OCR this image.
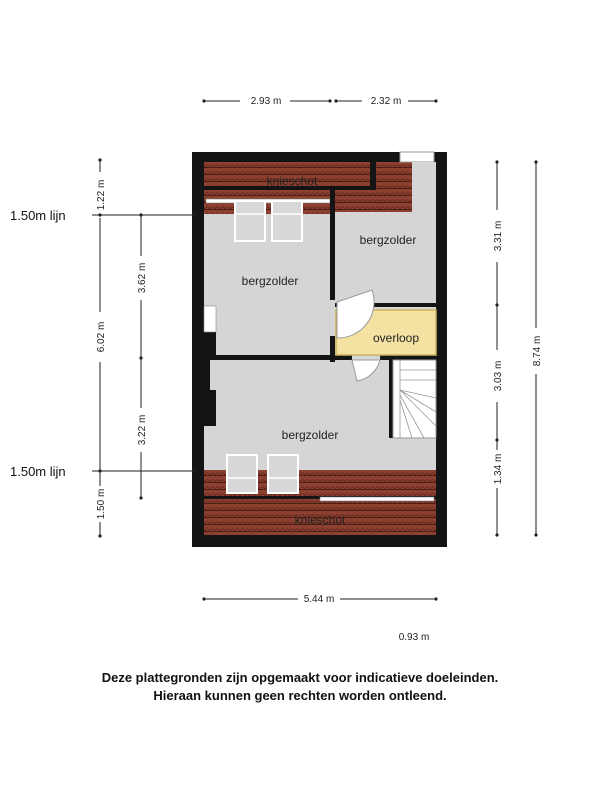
knieschot
bergzolder
bergzolder
overloop
bergzolder
knieschot
2.93 m	2.32 m
5.44 m
0.93 m
1.22 m
6.02 m
1.50 m
3.62 m
3.22 m
3.31 m
3.03 m
1.34 m
8.74 m
1.50m lijn
1.50m lijn
Deze plattegronden zijn opgemaakt voor indicatieve doeleinden.
Hieraan kunnen geen rechten worden ontleend.
